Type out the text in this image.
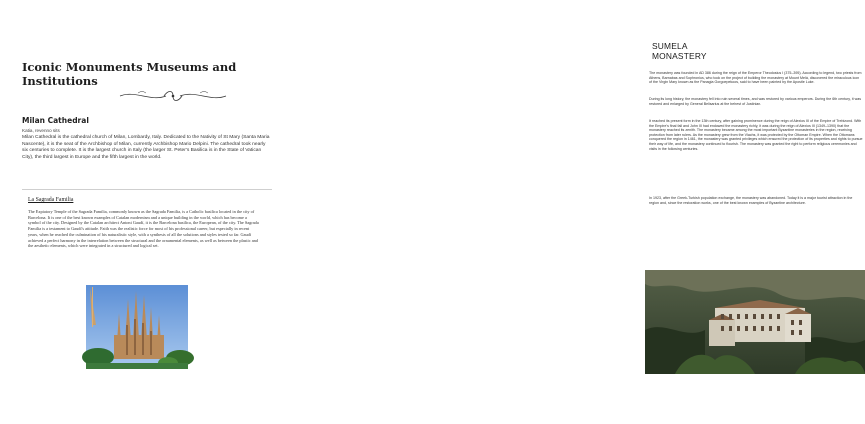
Iconic Monuments Museums and Institutions
Milan Cathedral
Katia, revenno sits

Milan Cathedral is the cathedral church of Milan, Lombardy, Italy. Dedicated to the Nativity of St Mary (Santa Maria Nascente), it is the seat of the Archbishop of Milan, currently Archbishop Mario Delpini. The cathedral took nearly six centuries to complete. It is the largest church in Italy (the larger St. Peter's Basilica is in the State of Vatican City), the third largest in Europe and the fifth largest in the world.

La Sagrada Familia

The Expiatory Temple of the Sagrada Familia, commonly known as the Sagrada Familia, is a Catholic basilica located in the city of Barcelona. It is one of the best known examples of Catalan modernism and a unique building in the world, which has become a symbol of the city. Designed by the Catalan architect Antoni Gaudí, it is the Barcelona basilica, the European, of the city. The Sagrada Familia is a testament to Gaudí's attitude. Faith was the realistic force for most of his professional career, but especially in recent years, when he reached the culmination of his naturalistic style, with a synthesis of all the solutions and styles tested so far. Gaudí achieved a perfect harmony in the interrelation between the structural and the ornamental elements, as well as between the plastic and the aesthetic elements, which were integrated in a structured and logical set.

SUMELA MONASTERY

The monastery was founded in AD 386 during the reign of the Emperor Theodosius I (375–395). According to legend, two priests from Athens, Barnabas and Sophronius, who took on the project of building the monastery at Mount Melá, discovered the miraculous icon of the Virgin Mary known as the Panagia Gorgoepekoos, said to have been painted by the Apostle Luke.

During its long history, the monastery fell into ruin several times, and was restored by various emperors. During the 6th century, it was restored and enlarged by General Belisarius at the behest of Justinian.

It reached its present form in the 13th century, after gaining prominence during the reign of Alexios III of the Empire of Trebizond. With the Empire's final fall and John III had endowed the monastery richly, it was during the reign of Alexios III (1349–1390) that the monastery reached its zenith. The monastery became among the most important Byzantine monasteries in the region, receiving protection from later rulers. As the monastery grew from the Vlachs, it was protected by the Ottoman Empire. When the Ottomans conquered the region in 1461, the monastery was granted privileges which ensured the protection of its properties and rights to pursue their way of life, and the monastery continued to flourish. The monastery was granted the right to perform religious ceremonies and visits in the following centuries.

In 1923, after the Greek-Turkish population exchange, the monastery was abandoned. Today it is a major tourist attraction in the region and, since the restoration works, one of the best known examples of Byzantine architecture.
